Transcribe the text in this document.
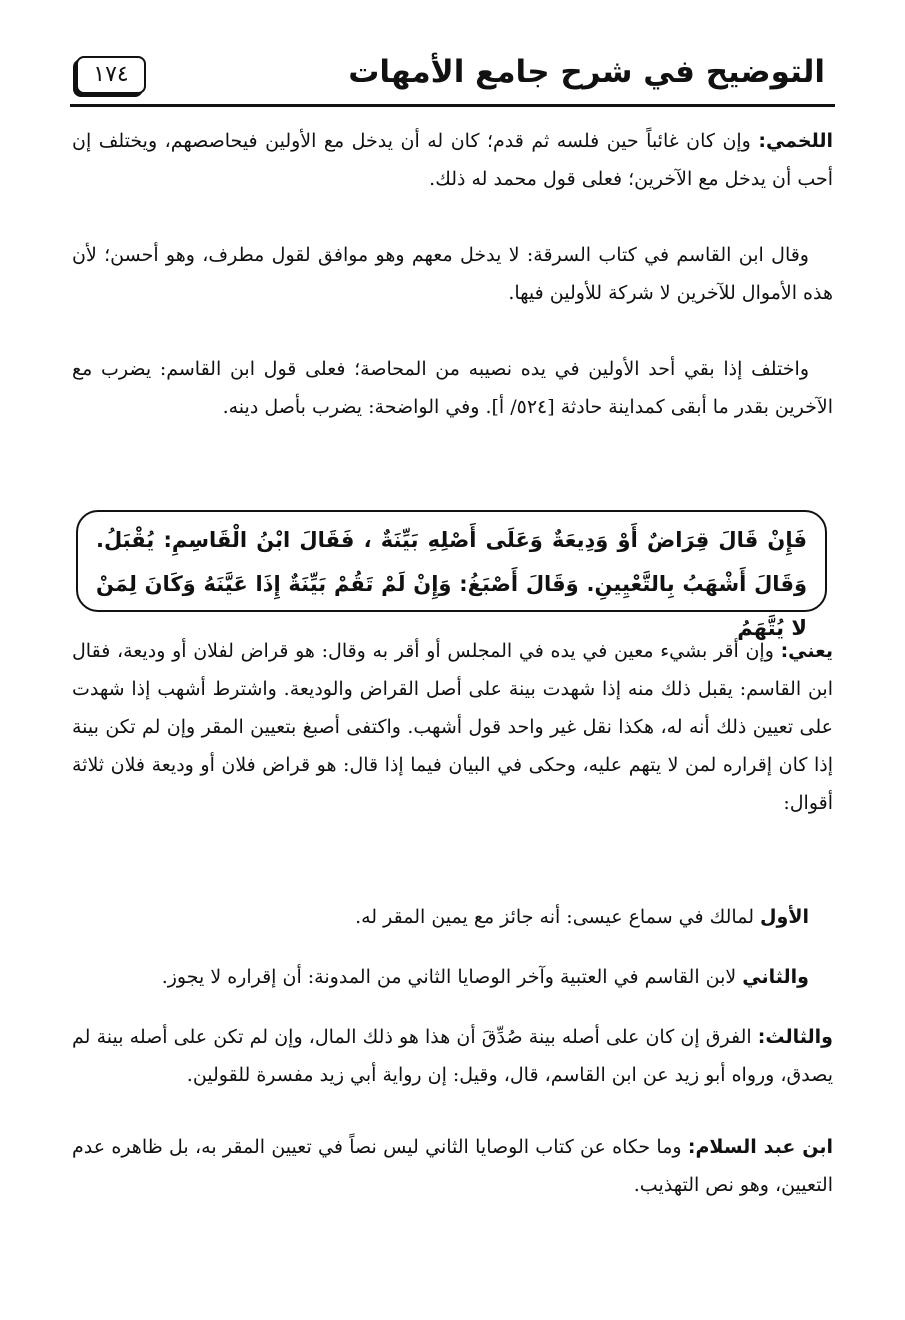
التوضيح في شرح جامع الأمهات
١٧٤

اللخمي: وإن كان غائباً حين فلسه ثم قدم؛ كان له أن يدخل مع الأولين فيحاصصهم، ويختلف إن أحب أن يدخل مع الآخرين؛ فعلى قول محمد له ذلك.

وقال ابن القاسم في كتاب السرقة: لا يدخل معهم وهو موافق لقول مطرف، وهو أحسن؛ لأن هذه الأموال للآخرين لا شركة للأولين فيها.

واختلف إذا بقي أحد الأولين في يده نصيبه من المحاصة؛ فعلى قول ابن القاسم: يضرب مع الآخرين بقدر ما أبقى كمداينة حادثة [٥٢٤/ أ]. وفي الواضحة: يضرب بأصل دينه.

فَإِنْ قَالَ قِرَاضٌ أَوْ وَدِيعَةٌ وَعَلَى أَصْلِهِ بَيِّنَةٌ ، فَقَالَ ابْنُ الْقَاسِمِ: يُقْبَلُ. وَقَالَ أَشْهَبُ بِالتَّعْيِينِ. وَقَالَ أَصْبَغُ: وَإِنْ لَمْ تَقُمْ بَيِّنَةٌ إِذَا عَيَّنَهُ وَكَانَ لِمَنْ لا يُتَّهَمُ

يعني: وإن أقر بشيء معين في يده في المجلس أو أقر به وقال: هو قراض لفلان أو وديعة، فقال ابن القاسم: يقبل ذلك منه إذا شهدت بينة على أصل القراض والوديعة. واشترط أشهب إذا شهدت على تعيين ذلك أنه له، هكذا نقل غير واحد قول أشهب. واكتفى أصبغ بتعيين المقر وإن لم تكن بينة إذا كان إقراره لمن لا يتهم عليه، وحكى في البيان فيما إذا قال: هو قراض فلان أو وديعة فلان ثلاثة أقوال:

الأول لمالك في سماع عيسى: أنه جائز مع يمين المقر له.

والثاني لابن القاسم في العتبية وآخر الوصايا الثاني من المدونة: أن إقراره لا يجوز.

والثالث: الفرق إن كان على أصله بينة صُدِّقَ أن هذا هو ذلك المال، وإن لم تكن على أصله بينة لم يصدق، ورواه أبو زيد عن ابن القاسم، قال، وقيل: إن رواية أبي زيد مفسرة للقولين.

ابن عبد السلام: وما حكاه عن كتاب الوصايا الثاني ليس نصاً في تعيين المقر به، بل ظاهره عدم التعيين، وهو نص التهذيب.
